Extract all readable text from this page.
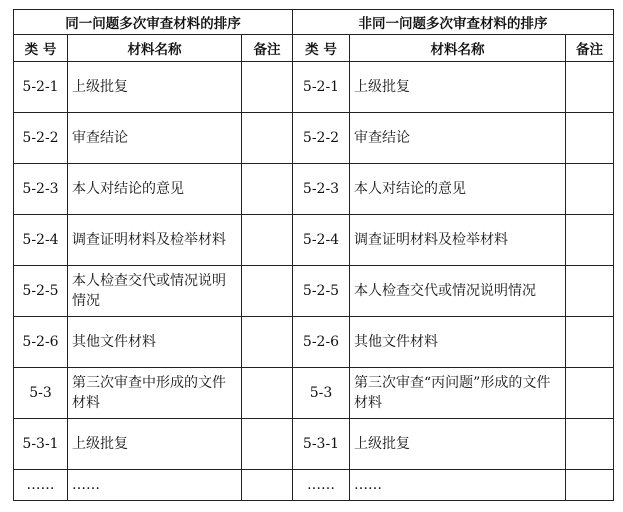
同一问题多次审查材料的排序			非同一问题多次审查材料的排序		
类 号	材料名称	备注	类 号	材料名称	备注
5-2-1	上级批复		5-2-1	上级批复	
5-2-2	审查结论		5-2-2	审查结论	
5-2-3	本人对结论的意见		5-2-3	本人对结论的意见	
5-2-4	调查证明材料及检举材料		5-2-4	调查证明材料及检举材料	
5-2-5	本人检查交代或情况说明情况		5-2-5	本人检查交代或情况说明情况	
5-2-6	其他文件材料		5-2-6	其他文件材料	
5-3	第三次审查中形成的文件材料		5-3	第三次审查“丙问题”形成的文件材料	
5-3-1	上级批复		5-3-1	上级批复	
……	……		……	……	
